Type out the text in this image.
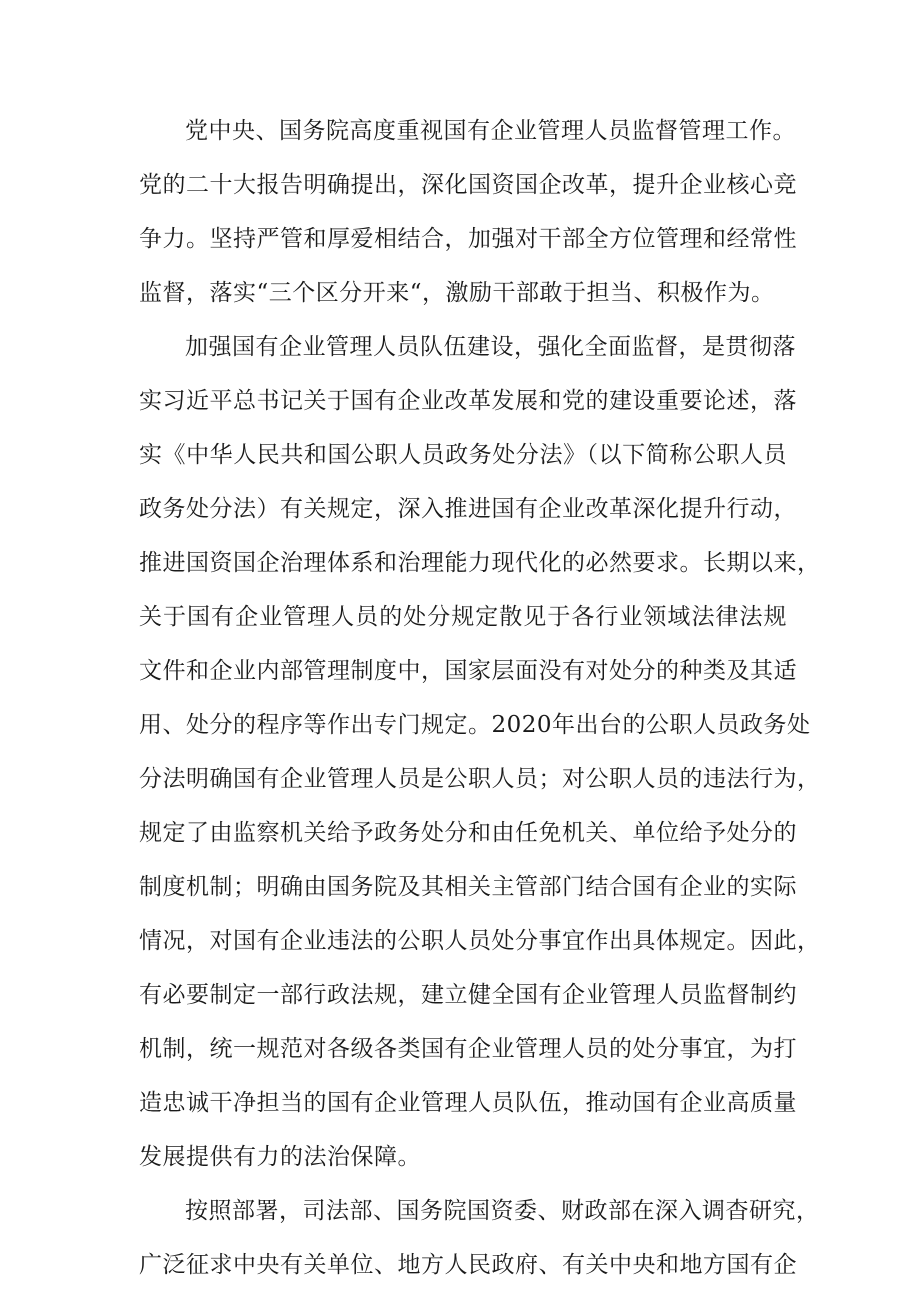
党中央、国务院高度重视国有企业管理人员监督管理工作。
党的二十大报告明确提出，深化国资国企改革，提升企业核心竞
争力。坚持严管和厚爱相结合，加强对干部全方位管理和经常性
监督，落实“三个区分开来“，激励干部敢于担当、积极作为。
加强国有企业管理人员队伍建设，强化全面监督，是贯彻落
实习近平总书记关于国有企业改革发展和党的建设重要论述，落
实《中华人民共和国公职人员政务处分法》（以下简称公职人员
政务处分法）有关规定，深入推进国有企业改革深化提升行动，
推进国资国企治理体系和治理能力现代化的必然要求。长期以来，
关于国有企业管理人员的处分规定散见于各行业领域法律法规
文件和企业内部管理制度中，国家层面没有对处分的种类及其适
用、处分的程序等作出专门规定。2020年出台的公职人员政务处
分法明确国有企业管理人员是公职人员；对公职人员的违法行为，
规定了由监察机关给予政务处分和由任免机关、单位给予处分的
制度机制；明确由国务院及其相关主管部门结合国有企业的实际
情况，对国有企业违法的公职人员处分事宜作出具体规定。因此，
有必要制定一部行政法规，建立健全国有企业管理人员监督制约
机制，统一规范对各级各类国有企业管理人员的处分事宜，为打
造忠诚干净担当的国有企业管理人员队伍，推动国有企业高质量
发展提供有力的法治保障。
按照部署，司法部、国务院国资委、财政部在深入调杳研究，
广泛征求中央有关单位、地方人民政府、有关中央和地方国有企
